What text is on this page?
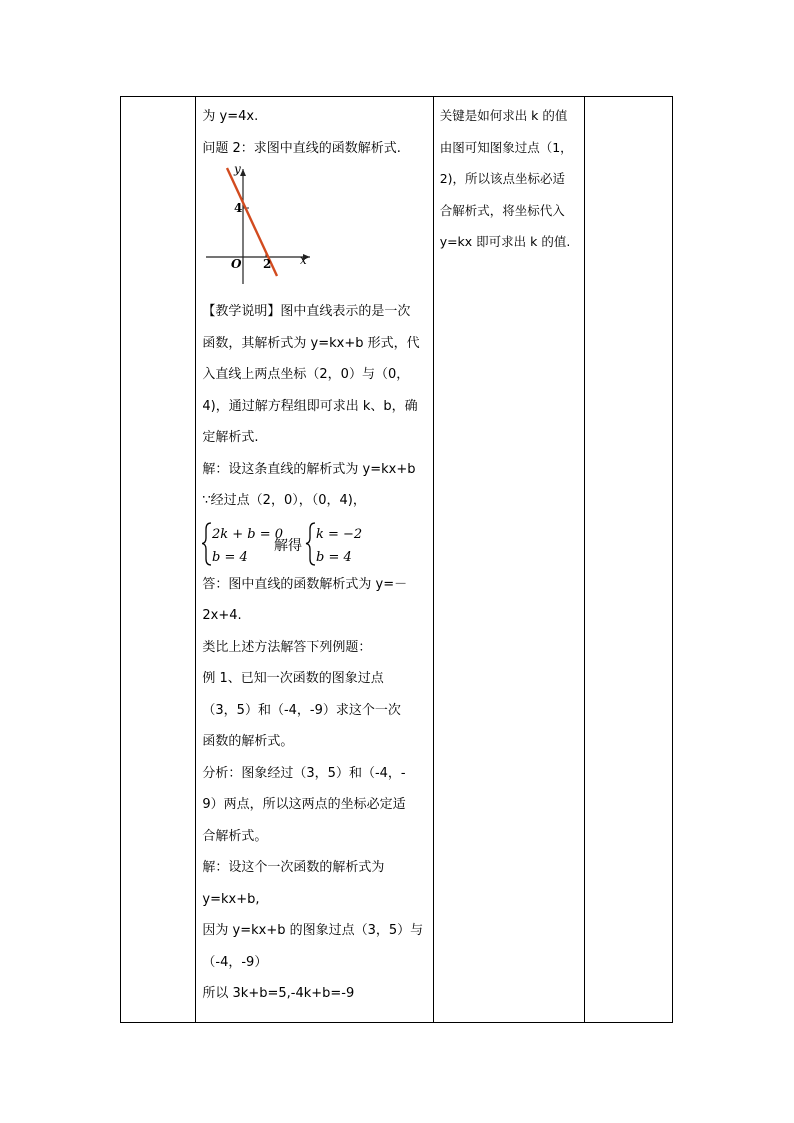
为 y=4x.

问题 2：求图中直线的函数解析式.

y
x
O
4
2

【教学说明】图中直线表示的是一次

函数，其解析式为 y=kx+b 形式，代

入直线上两点坐标（2，0）与（0，

4)，通过解方程组即可求出 k、b，确

定解析式.

解：设这条直线的解析式为 y=kx+b

∵经过点（2，0），（0，4)，

2k + b = 0
b = 4
解得
k = −2
b = 4

答：图中直线的函数解析式为 y=－

2x+4.

类比上述方法解答下列例题：

例 1、已知一次函数的图象过点

（3，5）和（-4，-9）求这个一次

函数的解析式。

分析：图象经过（3，5）和（-4，-

9）两点，所以这两点的坐标必定适

合解析式。

解：设这个一次函数的解析式为

y=kx+b,

因为 y=kx+b 的图象过点（3，5）与

（-4，-9）

所以 3k+b=5,-4k+b=-9

关键是如何求出 k 的值

由图可知图象过点（1，

2)，所以该点坐标必适

合解析式，将坐标代入

y=kx 即可求出 k 的值.
